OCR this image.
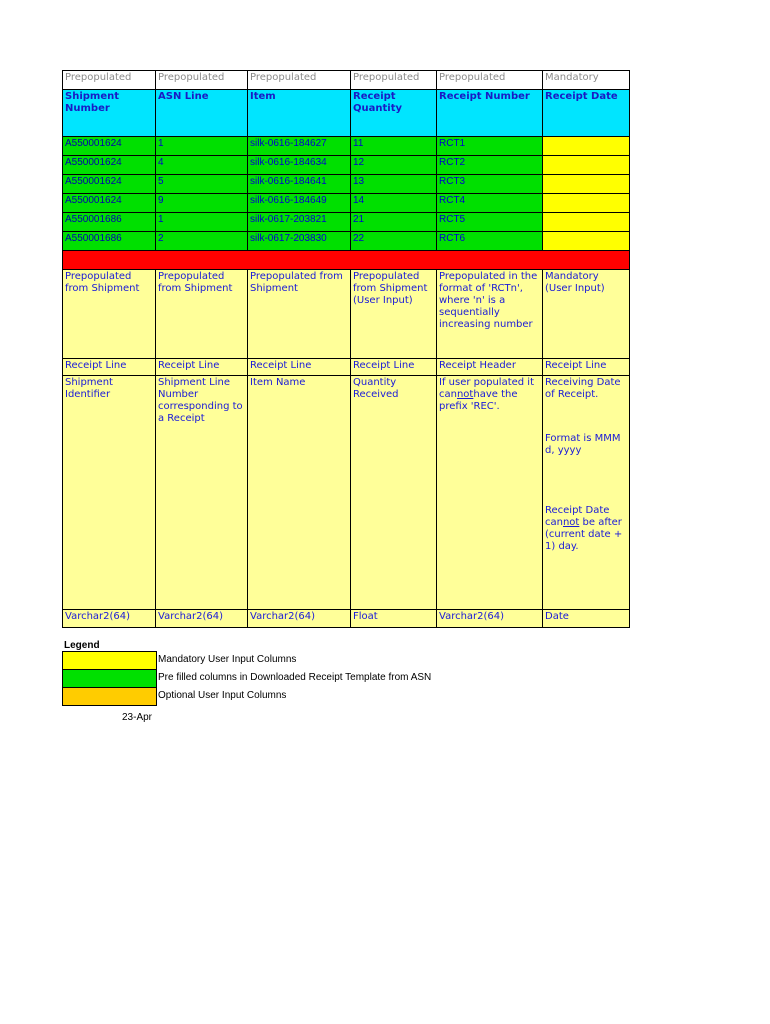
Prepopulated	Prepopulated	Prepopulated	Prepopulated	Prepopulated	Mandatory
Shipment Number	ASN Line	Item	Receipt Quantity	Receipt Number	Receipt Date
A550001624	1	silk-0616-184627	11	RCT1	
A550001624	4	silk-0616-184634	12	RCT2	
A550001624	5	silk-0616-184641	13	RCT3	
A550001624	9	silk-0616-184649	14	RCT4	
A550001686	1	silk-0617-203821	21	RCT5	
A550001686	2	silk-0617-203830	22	RCT6	

Prepopulated from Shipment	Prepopulated from Shipment	Prepopulated from Shipment	Prepopulated from Shipment (User Input)	Prepopulated in the format of 'RCTn', where 'n' is a sequentially increasing number	Mandatory (User Input)
Receipt Line	Receipt Line	Receipt Line	Receipt Line	Receipt Header	Receipt Line
Shipment Identifier	Shipment Line Number corresponding to a Receipt	Item Name	Quantity Received	If user populated it cannothave the prefix 'REC'.	Receiving Date of Receipt.
Format is MMM d, yyyy
Receipt Date cannot be after (current date + 1) day.

Varchar2(64)	Varchar2(64)	Varchar2(64)	Float	Varchar2(64)	Date
Legend
Mandatory User Input Columns
Pre filled columns in Downloaded Receipt Template from ASN
Optional User Input Columns
23-Apr
